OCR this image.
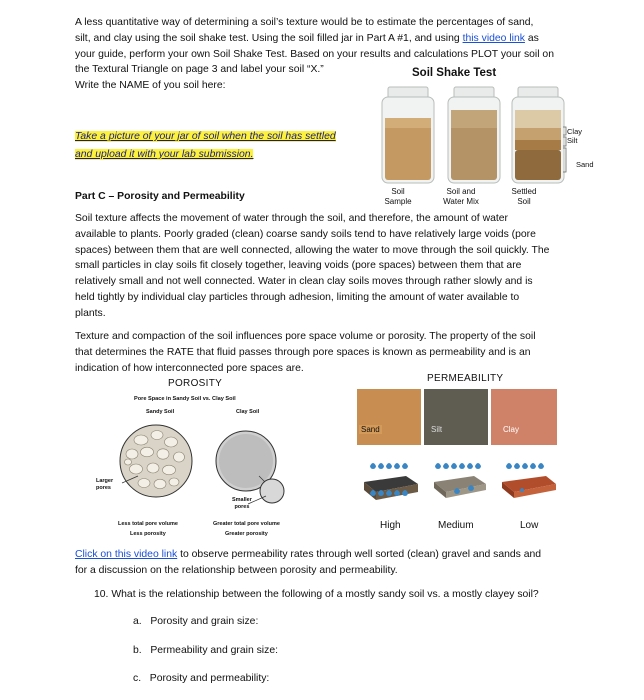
A less quantitative way of determining a soil’s texture would be to estimate the percentages of sand,
silt, and clay using the soil shake test. Using the soil filled jar in Part A #1, and using this video link as
your guide, perform your own Soil Shake Test. Based on your results and calculations PLOT your soil on
the Textural Triangle on page 3 and label your soil “X.”
Write the NAME of you soil here:
Soil Shake Test
Clay
Silt
Sand
Soil
Sample
Soil and
Water Mix
Settled
Soil
Take a picture of your jar of soil when the soil has settled
and upload it with your lab submission.
Part C – Porosity and Permeability
Soil texture affects the movement of water through the soil, and therefore, the amount of water
available to plants. Poorly graded (clean) coarse sandy soils tend to have relatively large voids (pore
spaces) between them that are well connected, allowing the water to move through the soil quickly. The
small particles in clay soils fit closely together, leaving voids (pore spaces) between them that are
relatively small and not well connected. Water in clean clay soils moves through rather slowly and is
held tightly by individual clay particles through adhesion, limiting the amount of water available to
plants.
Texture and compaction of the soil influences pore space volume or porosity. The property of the soil
that determines the RATE that fluid passes through pore spaces is known as permeability and is an
indication of how interconnected pore spaces are.
POROSITY
Pore Space in Sandy Soil vs. Clay Soil
Sandy Soil	Clay Soil
Larger
pores
Smaller
pores
Less total pore volume
Less porosity
Greater total pore volume
Greater porosity
PERMEABILITY
Sand	Silt	Clay
High	Medium	Low
Click on this video link to observe permeability rates through well sorted (clean) gravel and sands and
for a discussion on the relationship between porosity and permeability.
10. What is the relationship between the following of a mostly sandy soil vs. a mostly clayey soil?
a. Porosity and grain size:
b. Permeability and grain size:
c. Porosity and permeability:
